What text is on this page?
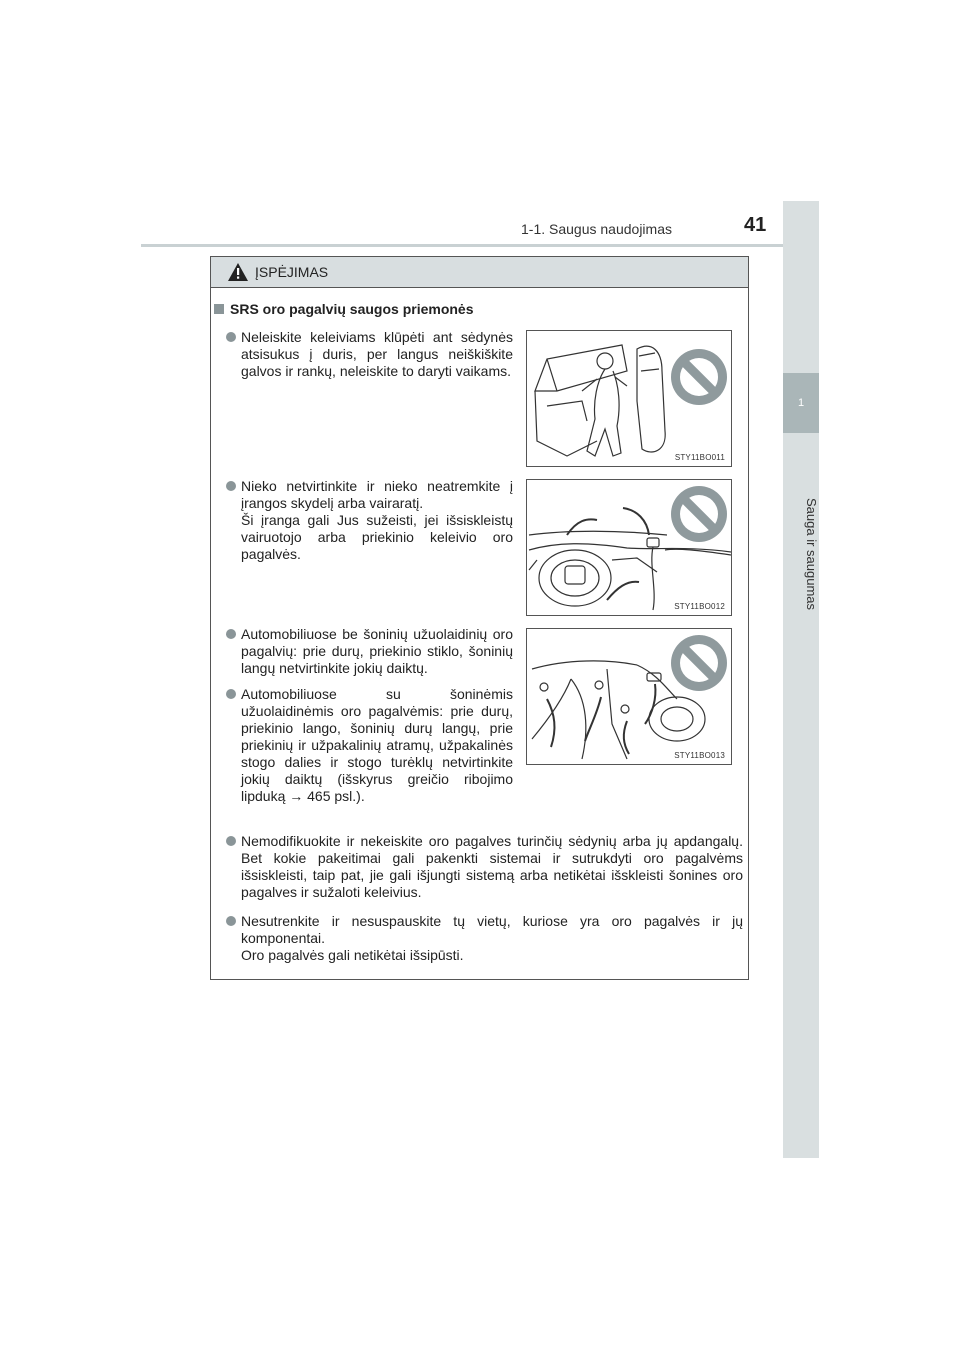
1-1. Saugus naudojimas	41
1
Sauga ir saugumas
ĮSPĖJIMAS
SRS oro pagalvių saugos priemonės

Neleiskite keleiviams klūpėti ant sėdynės atsisukus į duris, per langus neiškiškite galvos ir rankų, neleiskite to daryti vaikams.

Nieko netvirtinkite ir nieko neatremkite į įrangos skydelį arba vairaratį.

Ši įranga gali Jus sužeisti, jei išsiskleistų vairuotojo arba priekinio keleivio oro pagalvės.

Automobiliuose be šoninių užuolaidinių oro pagalvių: prie durų, priekinio stiklo, šoninių langų netvirtinkite jokių daiktų.

Automobiliuose su šoninėmis užuolaidinėmis oro pagalvėmis: prie durų, priekinio lango, šoninių durų langų, prie priekinių ir užpakalinių atramų, užpakalinės stogo dalies ir stogo turėklų netvirtinkite jokių daiktų (išskyrus greičio ribojimo lipduką → 465 psl.).

Nemodifikuokite ir nekeiskite oro pagalves turinčių sėdynių arba jų apdangalų. Bet kokie pakeitimai gali pakenkti sistemai ir sutrukdyti oro pagalvėms išsiskleisti, taip pat, jie gali išjungti sistemą arba netikėtai išskleisti šonines oro pagalves ir sužaloti keleivius.

Nesutrenkite ir nesuspauskite tų vietų, kuriose yra oro pagalvės ir jų komponentai.

Oro pagalvės gali netikėtai išsipūsti.

STY11BO011
STY11BO012
STY11BO013
